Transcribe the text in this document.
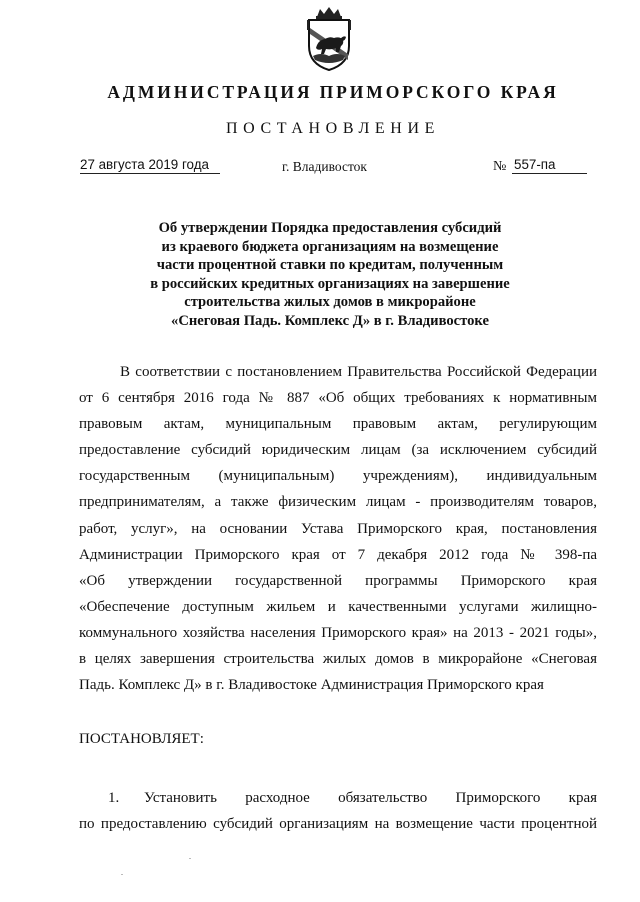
АДМИНИСТРАЦИЯ ПРИМОРСКОГО КРАЯ
ПОСТАНОВЛЕНИЕ
27 августа 2019 года	г. Владивосток	№ 557-па
Об утверждении Порядка предоставления субсидий
из краевого бюджета организациям на возмещение
части процентной ставки по кредитам, полученным
в российских кредитных организациях на завершение
строительства жилых домов в микрорайоне
«Снеговая Падь. Комплекс Д» в г. Владивостоке
В соответствии с постановлением Правительства Российской Федерации
от 6 сентября 2016 года № 887 «Об общих требованиях к нормативным
правовым актам, муниципальным правовым актам, регулирующим
предоставление субсидий юридическим лицам (за исключением субсидий
государственным (муниципальным) учреждениям), индивидуальным
предпринимателям, а также физическим лицам - производителям товаров,
работ, услуг», на основании Устава Приморского края, постановления
Администрации Приморского края от 7 декабря 2012 года № 398-па
«Об утверждении государственной программы Приморского края
«Обеспечение доступным жильем и качественными услугами жилищно-
коммунального хозяйства населения Приморского края» на 2013 - 2021 годы»,
в целях завершения строительства жилых домов в микрорайоне «Снеговая
Падь. Комплекс Д» в г. Владивостоке Администрация Приморского края
ПОСТАНОВЛЯЕТ:
1. Установить расходное обязательство Приморского края
по предоставлению субсидий организациям на возмещение части процентной
